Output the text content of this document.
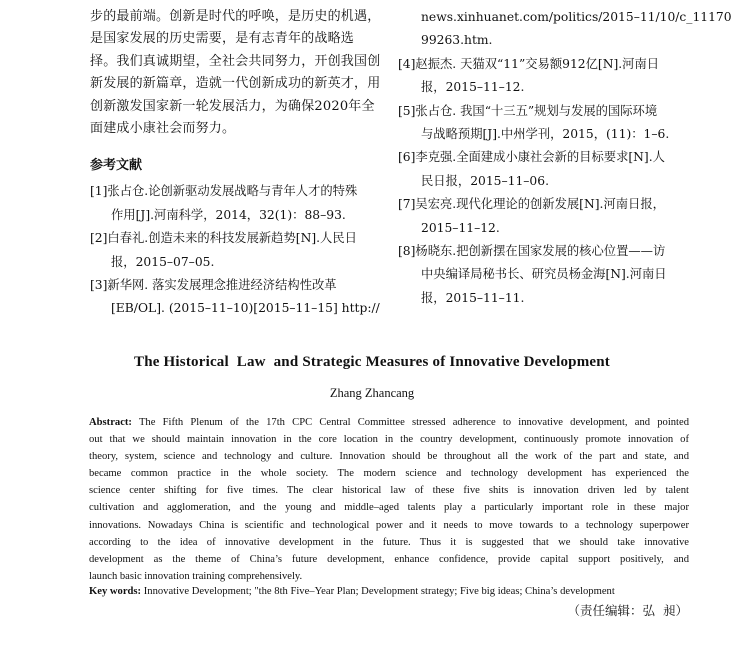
步的最前端。创新是时代的呼唤，是历史的机遇，
是国家发展的历史需要，是有志青年的战略选
择。我们真诚期望，全社会共同努力，开创我国创
新发展的新篇章，造就一代创新成功的新英才，用
创新激发国家新一轮发展活力，为确保2020年全
面建成小康社会而努力。
参考文献
[1]张占仓.论创新驱动发展战略与青年人才的特殊
作用[J].河南科学，2014，32(1)：88–93.
[2]白春礼.创造未来的科技发展新趋势[N].人民日
报，2015–07–05.
[3]新华网. 落实发展理念推进经济结构性改革
[EB/OL]. (2015–11–10)[2015–11–15] http://
news.xinhuanet.com/politics/2015–11/10/c_11170
99263.htm.
[4]赵振杰. 天猫双“11”交易额912亿[N].河南日
报，2015–11–12.
[5]张占仓. 我国“十三五”规划与发展的国际环境
与战略预期[J].中州学刊，2015，(11)：1–6.
[6]李克强.全面建成小康社会新的目标要求[N].人
民日报，2015–11–06.
[7]吴宏亮.现代化理论的创新发展[N].河南日报，
2015–11–12.
[8]杨晓东.把创新摆在国家发展的核心位置——访
中央编译局秘书长、研究员杨金海[N].河南日
报，2015–11–11.
The Historical  Law  and Strategic Measures of Innovative Development
Zhang Zhancang
Abstract: The Fifth Plenum of the 17th CPC Central Committee stressed adherence to innovative development, and pointed
out that we should maintain innovation in the core location in the country development, continuously promote innovation of
theory, system, science and technology and culture. Innovation should be throughout all the work of the part and state, and
became common practice in the whole society. The modern science and technology development has experienced the
science center shifting for five times. The clear historical law of these five shits is innovation driven led by talent
cultivation and agglomeration, and the young and middle–aged talents play a particularly important role in these major
innovations. Nowadays China is scientific and technological power and it needs to move towards to a technology superpower
according to the idea of innovative development in the future. Thus it is suggested that we should take innovative
development as the theme of China’s future development, enhance confidence, provide capital support positively, and
launch basic innovation training comprehensively.
Key words: Innovative Development; "the 8th Five–Year Plan; Development strategy; Five big ideas; China’s development
（责任编辑：弘  昶）
